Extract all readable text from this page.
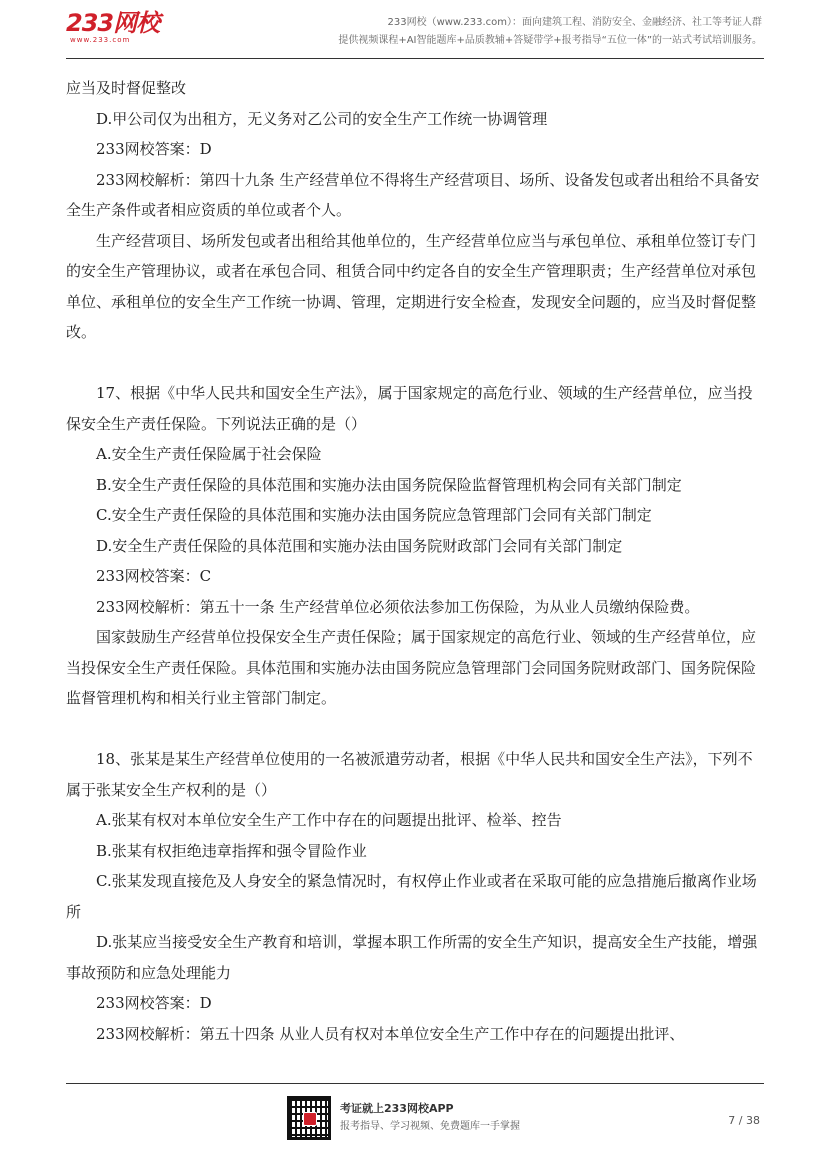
233网校
www.233.com
233网校（www.233.com）：面向建筑工程、消防安全、金融经济、社工等考证人群
提供视频课程+AI智能题库+品质教辅+答疑带学+报考指导“五位一体”的一站式考试培训服务。

应当及时督促整改

D.甲公司仅为出租方，无义务对乙公司的安全生产工作统一协调管理

233网校答案：D

233网校解析：第四十九条 生产经营单位不得将生产经营项目、场所、设备发包或者出租给不具备安全生产条件或者相应资质的单位或者个人。

生产经营项目、场所发包或者出租给其他单位的，生产经营单位应当与承包单位、承租单位签订专门的安全生产管理协议，或者在承包合同、租赁合同中约定各自的安全生产管理职责；生产经营单位对承包单位、承租单位的安全生产工作统一协调、管理，定期进行安全检查，发现安全问题的，应当及时督促整改。

17、根据《中华人民共和国安全生产法》，属于国家规定的高危行业、领域的生产经营单位，应当投保安全生产责任保险。下列说法正确的是（）

A.安全生产责任保险属于社会保险

B.安全生产责任保险的具体范围和实施办法由国务院保险监督管理机构会同有关部门制定

C.安全生产责任保险的具体范围和实施办法由国务院应急管理部门会同有关部门制定

D.安全生产责任保险的具体范围和实施办法由国务院财政部门会同有关部门制定

233网校答案：C

233网校解析：第五十一条 生产经营单位必须依法参加工伤保险，为从业人员缴纳保险费。

国家鼓励生产经营单位投保安全生产责任保险；属于国家规定的高危行业、领域的生产经营单位，应当投保安全生产责任保险。具体范围和实施办法由国务院应急管理部门会同国务院财政部门、国务院保险监督管理机构和相关行业主管部门制定。

18、张某是某生产经营单位使用的一名被派遣劳动者，根据《中华人民共和国安全生产法》，下列不属于张某安全生产权利的是（）

A.张某有权对本单位安全生产工作中存在的问题提出批评、检举、控告

B.张某有权拒绝违章指挥和强令冒险作业

C.张某发现直接危及人身安全的紧急情况时，有权停止作业或者在采取可能的应急措施后撤离作业场所

D.张某应当接受安全生产教育和培训，掌握本职工作所需的安全生产知识，提高安全生产技能，增强事故预防和应急处理能力

233网校答案：D

233网校解析：第五十四条 从业人员有权对本单位安全生产工作中存在的问题提出批评、

考证就上233网校APP
报考指导、学习视频、免费题库一手掌握	7 / 38
